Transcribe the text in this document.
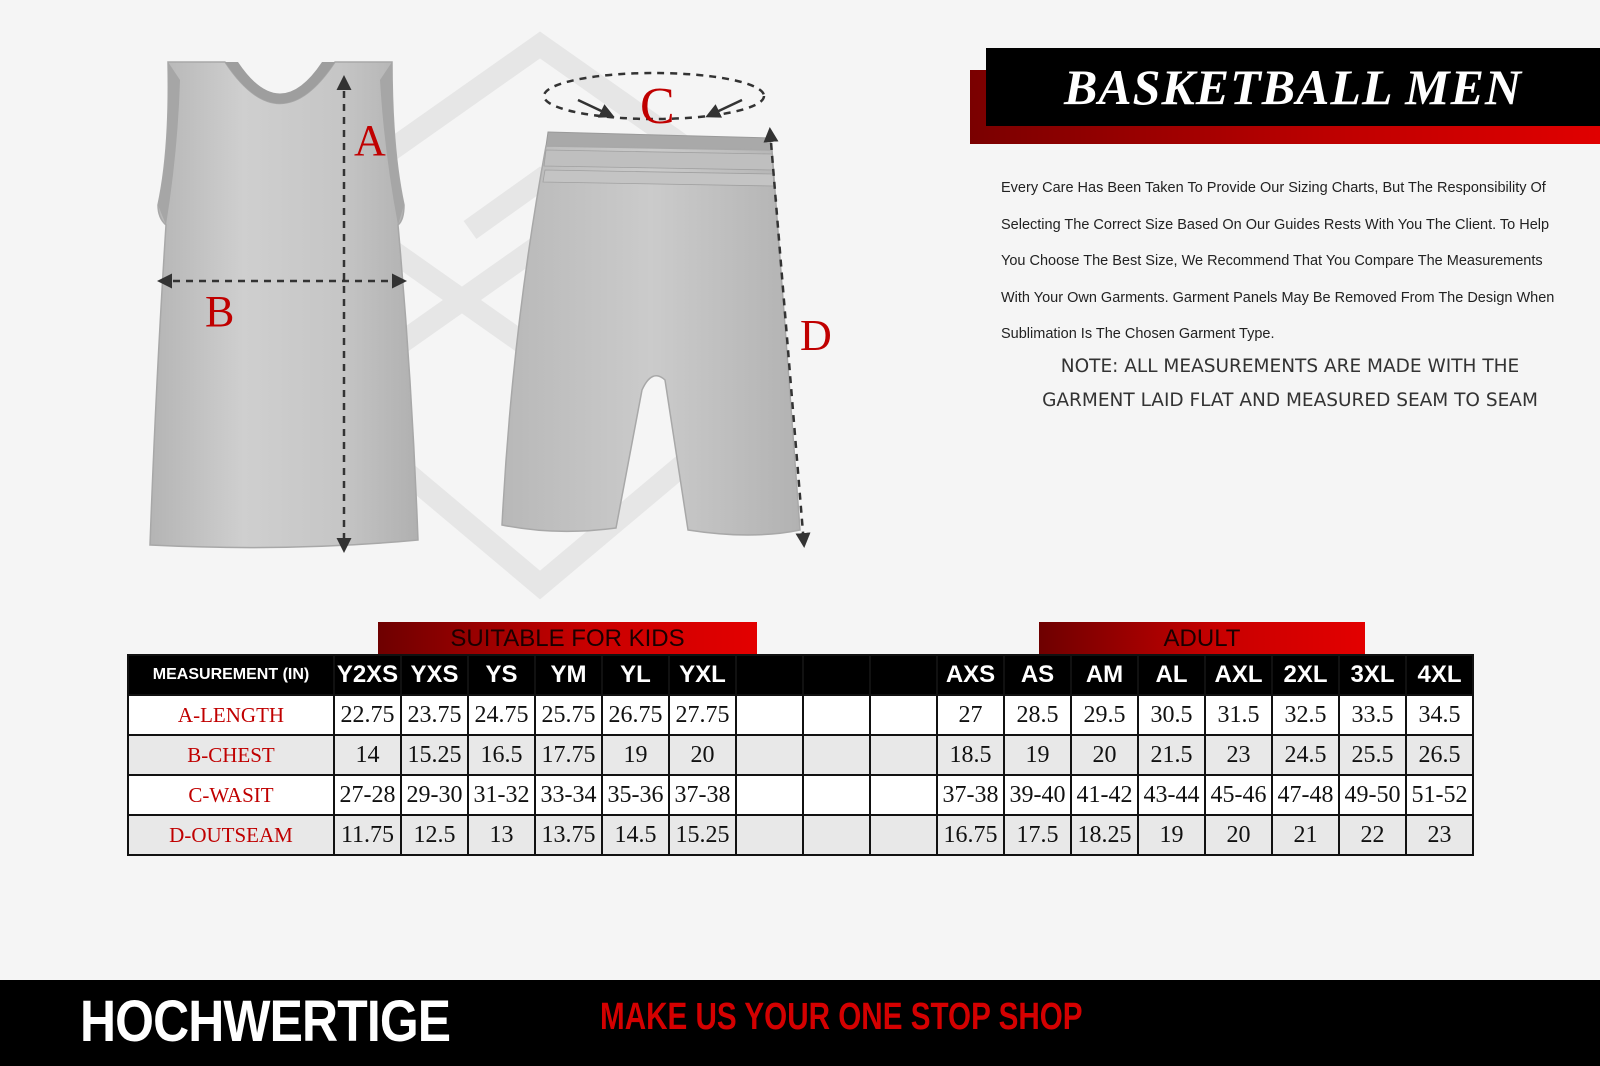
A
B
C
D
BASKETBALL MEN
Every Care Has Been Taken To Provide Our Sizing Charts, But The Responsibility Of
Selecting The Correct Size Based On Our Guides Rests With You The Client. To Help
You Choose The Best Size, We Recommend That You Compare The Measurements
With Your Own Garments. Garment Panels May Be Removed From The Design When
Sublimation Is The Chosen Garment Type.
NOTE: ALL MEASUREMENTS ARE MADE WITH THE
GARMENT LAID FLAT AND MEASURED SEAM TO SEAM
SUITABLE FOR KIDS	ADULT
MEASUREMENT (IN)	Y2XS	YXS	YS	YM	YL	YXL				AXS	AS	AM	AL	AXL	2XL	3XL	4XL
A-LENGTH	22.75	23.75	24.75	25.75	26.75	27.75				27	28.5	29.5	30.5	31.5	32.5	33.5	34.5
B-CHEST	14	15.25	16.5	17.75	19	20				18.5	19	20	21.5	23	24.5	25.5	26.5
C-WASIT	27-28	29-30	31-32	33-34	35-36	37-38				37-38	39-40	41-42	43-44	45-46	47-48	49-50	51-52
D-OUTSEAM	11.75	12.5	13	13.75	14.5	15.25				16.75	17.5	18.25	19	20	21	22	23
HOCHWERTIGE	MAKE US YOUR ONE STOP SHOP
